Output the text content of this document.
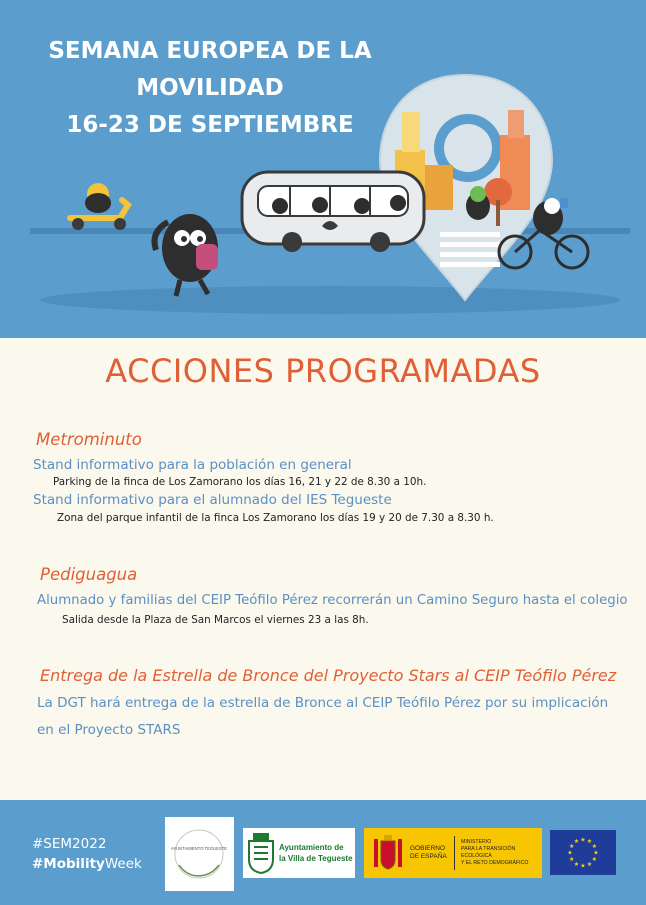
SEMANA EUROPEA DE LA
MOVILIDAD
16-23 DE SEPTIEMBRE
ACCIONES PROGRAMADAS
Metrominuto
Stand informativo para la población en general
Parking de la finca de Los Zamorano los días 16, 21 y 22 de 8.30 a 10h.
Stand informativo para el alumnado del IES Tegueste
Zona del parque infantil de la finca Los Zamorano los días 19 y 20 de 7.30 a 8.30 h.
Pediguagua
Alumnado y familias del CEIP Teófilo Pérez recorrerán un Camino Seguro hasta el colegio
Salida desde la Plaza de San Marcos el viernes 23 a las 8h.
Entrega de la Estrella de Bronce del Proyecto Stars al CEIP Teófilo Pérez
La DGT hará entrega de la estrella de Bronce al CEIP Teófilo Pérez por su implicación en el Proyecto STARS
#SEM2022
#MobilityWeek
AYUNTAMIENTO TEGUESTE	Ayuntamiento de
la Villa de Tegueste
GOBIERNO
DE ESPAÑA
MINISTERIO
PARA LA TRANSICIÓN ECOLÓGICA
Y EL RETO DEMOGRÁFICO
★
★
★
★
★
★
★
★
★ ★ ★
★
